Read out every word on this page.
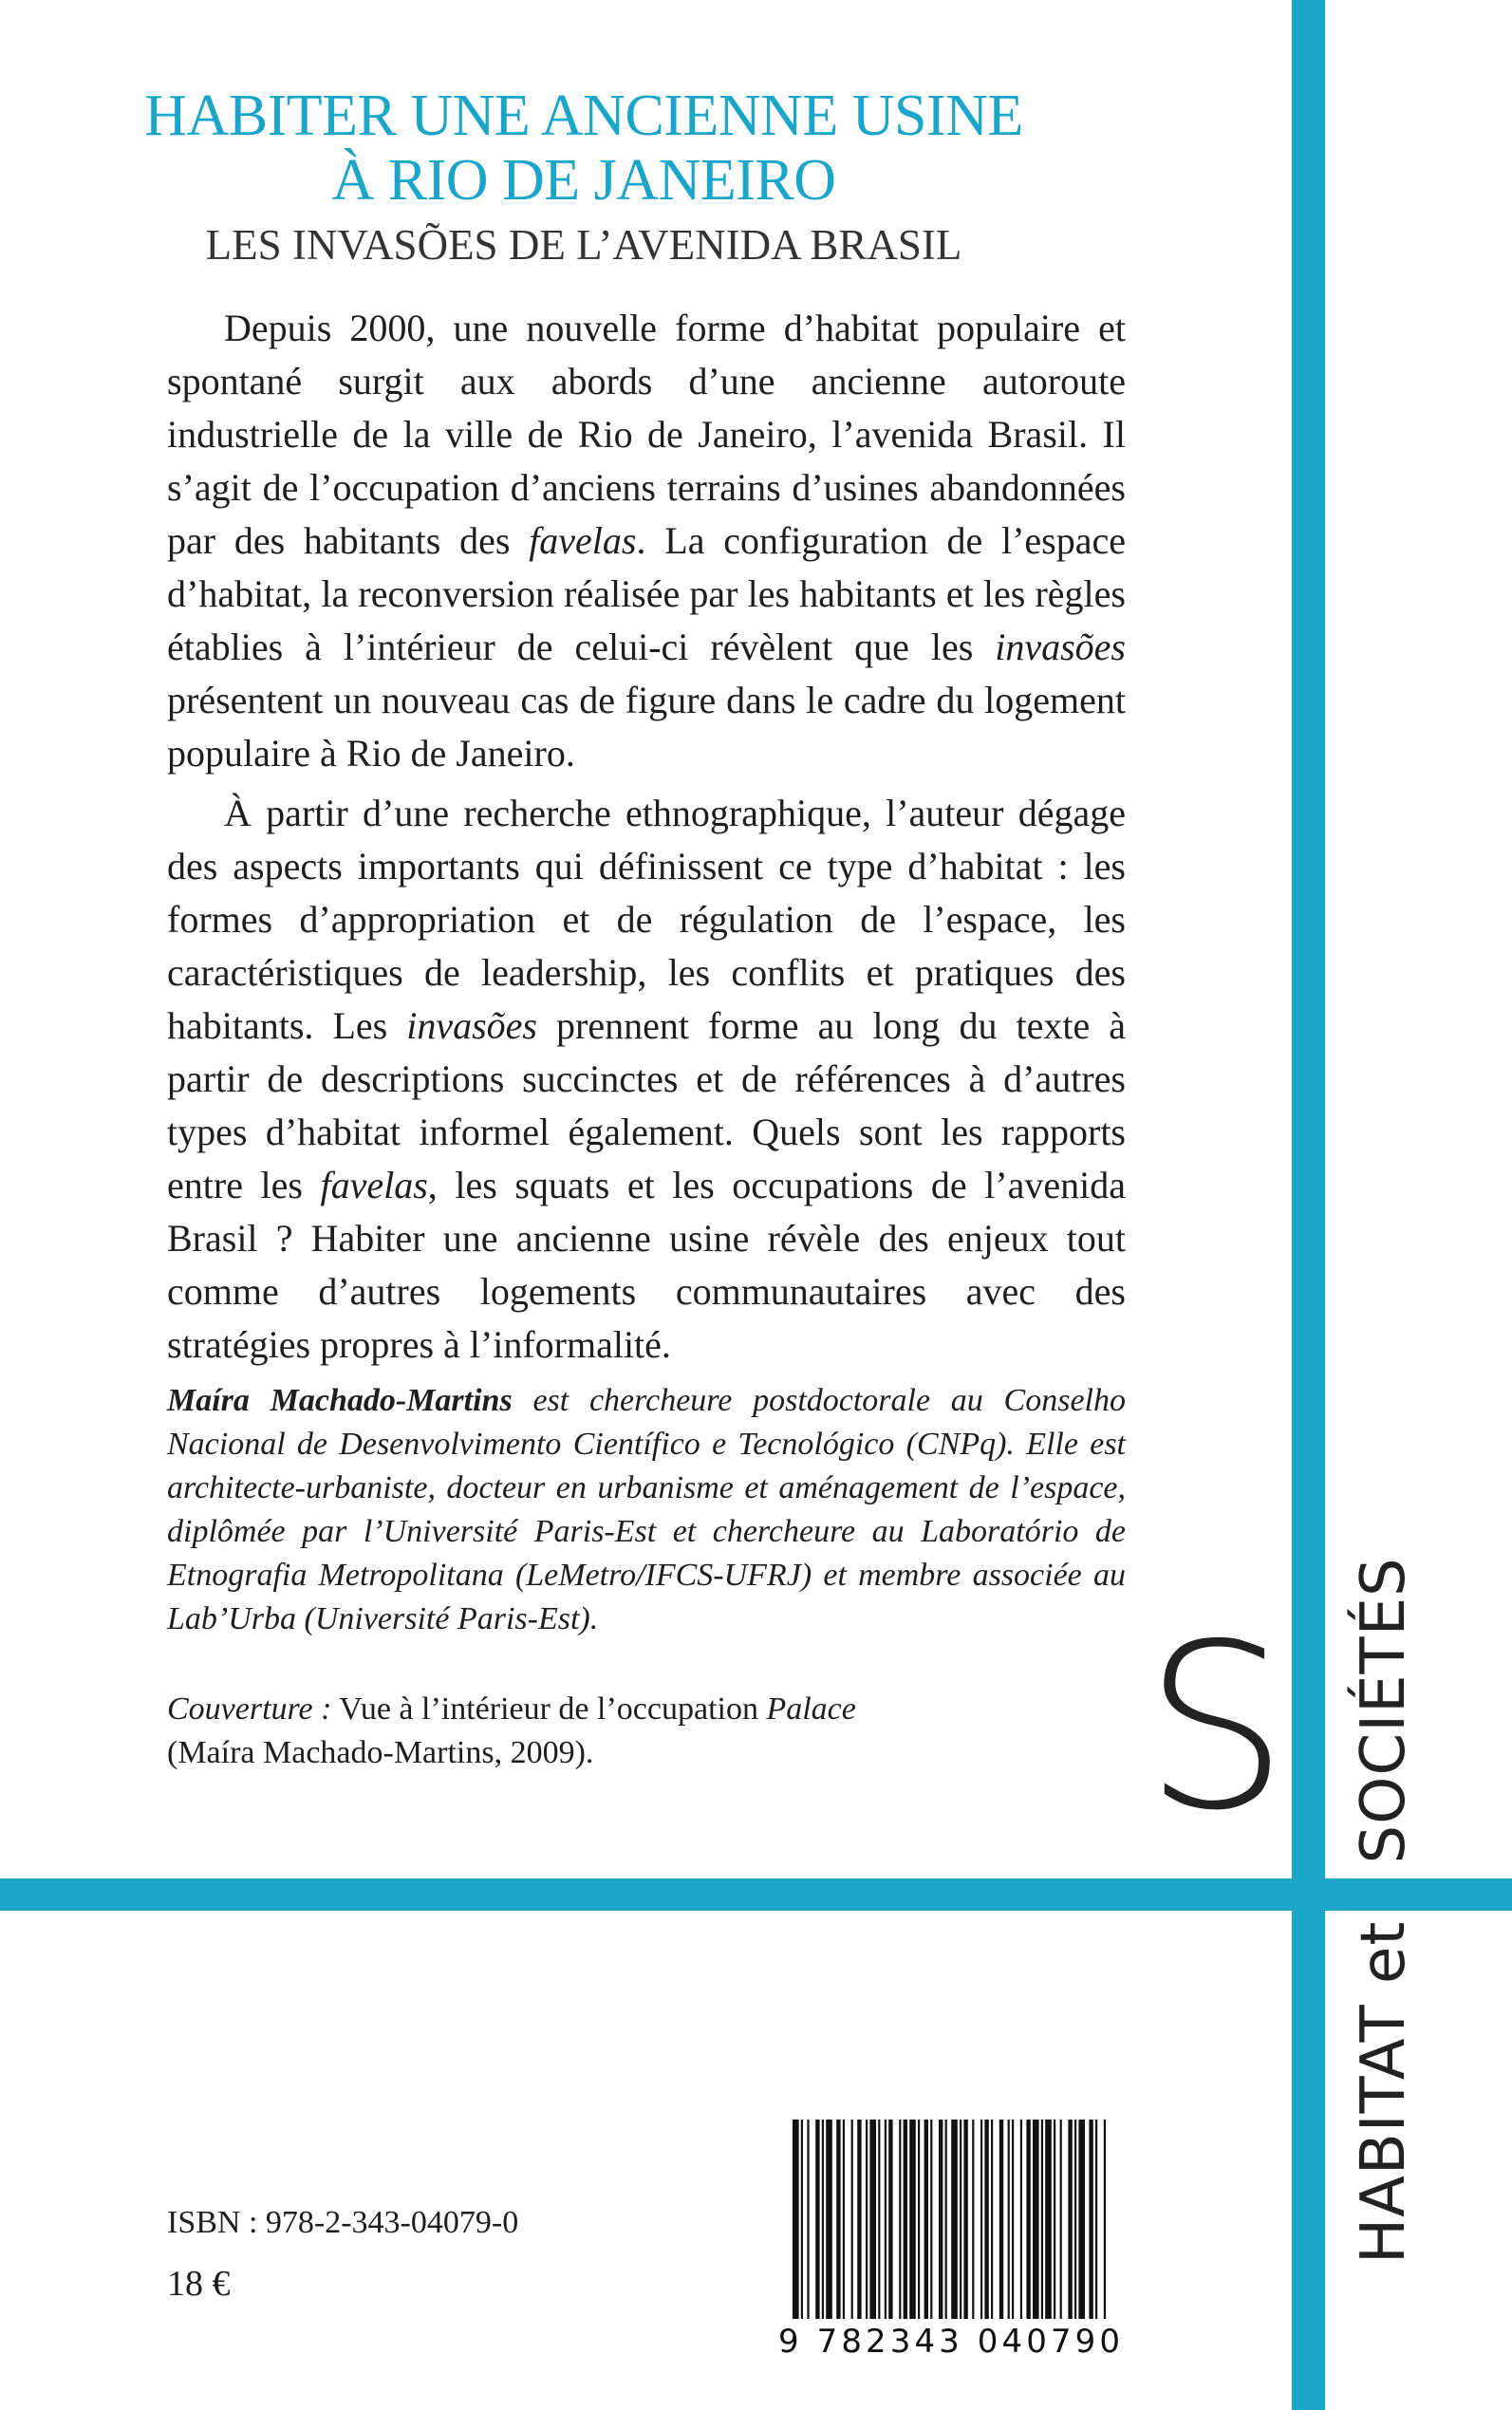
HABITER UNE ANCIENNE USINE
À RIO DE JANEIRO
LES INVASÕES DE L’AVENIDA BRASIL

Depuis 2000, une nouvelle forme d’habitat populaire et spontané surgit aux abords d’une ancienne autoroute industrielle de la ville de Rio de Janeiro, l’avenida Brasil. Il s’agit de l’occupation d’anciens terrains d’usines abandonnées par des habitants des favelas. La configuration de l’espace d’habitat, la reconversion réalisée par les habitants et les règles établies à l’intérieur de celui-ci révèlent que les invasões présentent un nouveau cas de figure dans le cadre du logement populaire à Rio de Janeiro.

À partir d’une recherche ethnographique, l’auteur dégage des aspects importants qui définissent ce type d’habitat : les formes d’appropriation et de régulation de l’espace, les caractéristiques de leadership, les conflits et pratiques des habitants. Les invasões prennent forme au long du texte à partir de descriptions succinctes et de références à d’autres types d’habitat informel également. Quels sont les rapports entre les favelas, les squats et les occupations de l’avenida Brasil ? Habiter une ancienne usine révèle des enjeux tout comme d’autres logements communautaires avec des stratégies propres à l’informalité.

Maíra Machado-Martins est chercheure postdoctorale au Conselho Nacional de Desenvolvimento Científico e Tecnológico (CNPq). Elle est architecte-urbaniste, docteur en urbanisme et aménagement de l’espace, diplômée par l’Université Paris-Est et chercheure au Laboratório de Etnografia Metropolitana (LeMetro/IFCS-UFRJ) et membre associée au Lab’Urba (Université Paris-Est).
Couverture : Vue à l’intérieur de l’occupation Palace
(Maíra Machado-Martins, 2009).	S
HABITAT etSOCIÉTÉS
9 782343 040790
ISBN : 978-2-343-04079-0
18 €
